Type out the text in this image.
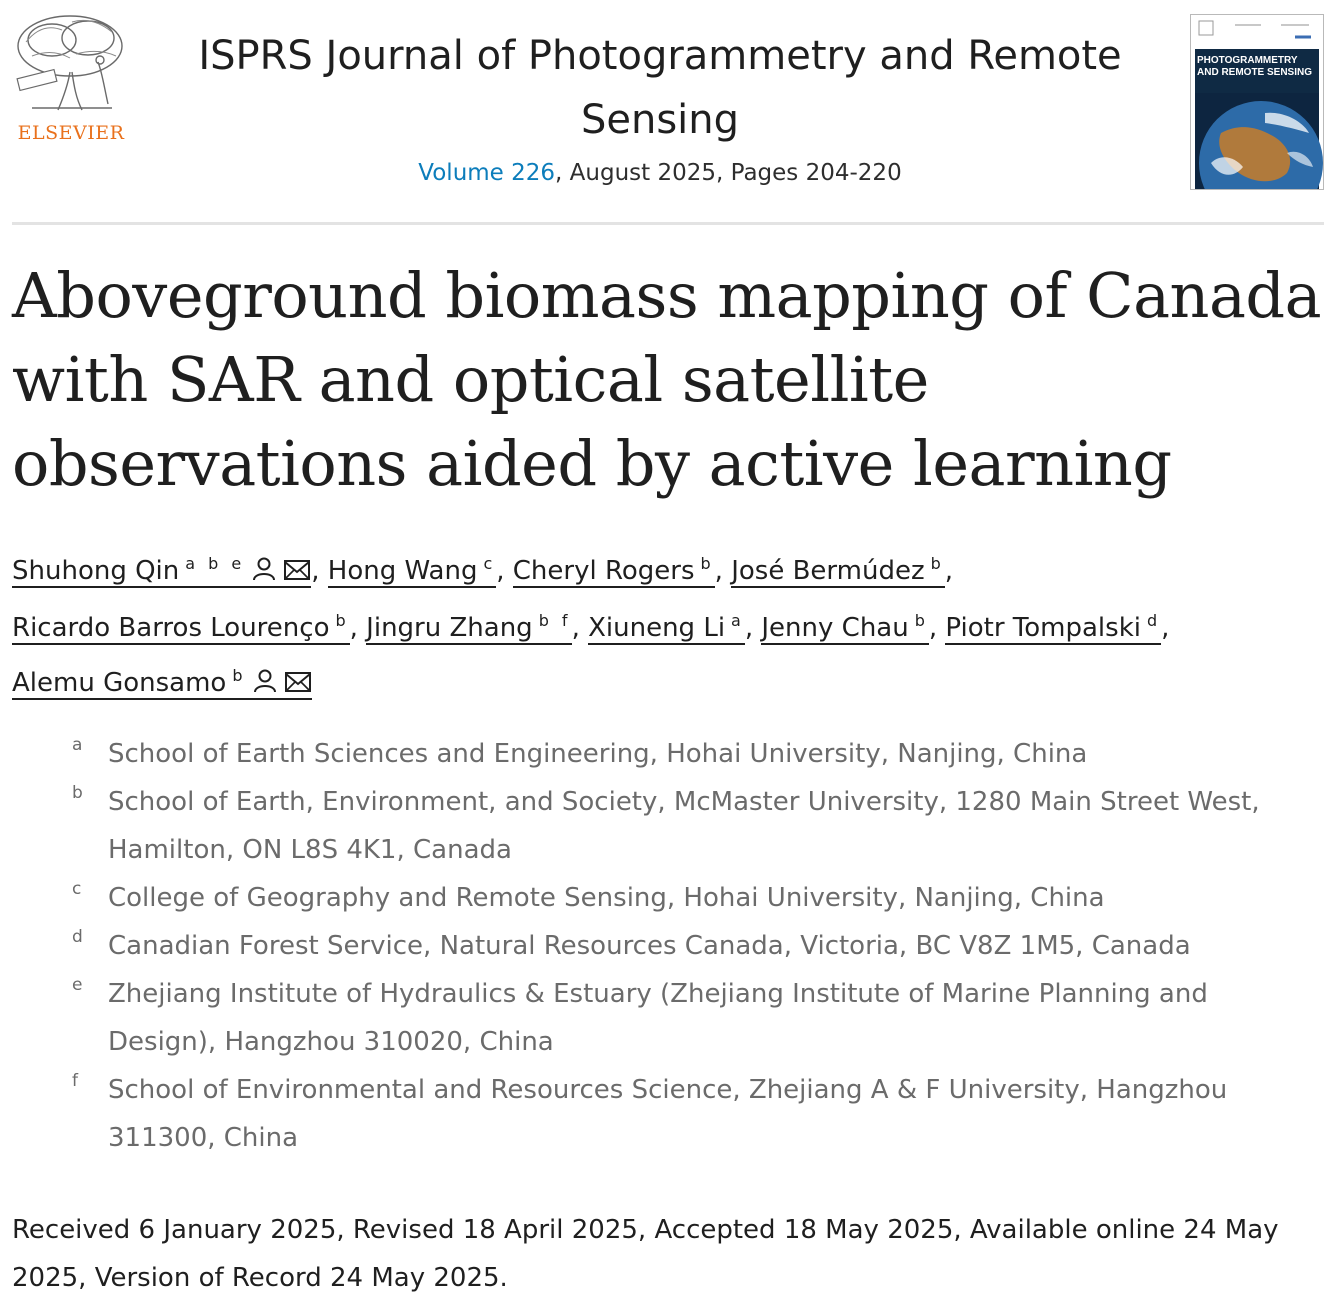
ELSEVIER
ISPRS Journal of Photogrammetry and Remote Sensing
Volume 226, August 2025, Pages 204-220
PHOTOGRAMMETRY
AND REMOTE SENSING
Aboveground biomass mapping of Canada with SAR and optical satellite observations aided by active learning
Shuhong Qin $^{a b e}$	, Hong Wang $^c$, Cheryl Rogers $^b$, José Bermúdez $^b$,
Ricardo Barros Lourenço $^b$, Jingru Zhang $^{b f}$, Xiuneng Li $^a$, Jenny Chau $^b$, Piotr Tompalski $^d$,
Alemu Gonsamo $^b$
a School of Earth Sciences and Engineering, Hohai University, Nanjing, China
b School of Earth, Environment, and Society, McMaster University, 1280 Main Street West,
Hamilton, ON L8S 4K1, Canada
c College of Geography and Remote Sensing, Hohai University, Nanjing, China
d Canadian Forest Service, Natural Resources Canada, Victoria, BC V8Z 1M5, Canada
e Zhejiang Institute of Hydraulics & Estuary (Zhejiang Institute of Marine Planning and
Design), Hangzhou 310020, China
f School of Environmental and Resources Science, Zhejiang A & F University, Hangzhou
311300, China
Received 6 January 2025, Revised 18 April 2025, Accepted 18 May 2025, Available online 24 May
2025, Version of Record 24 May 2025.
